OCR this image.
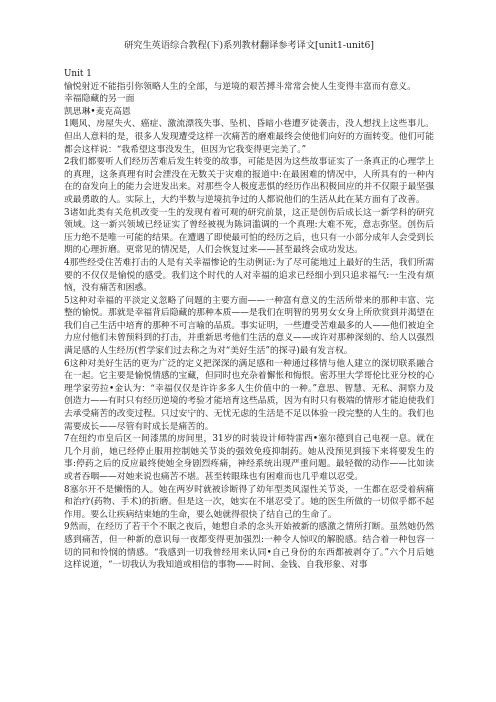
研究生英语综合教程(下)系列教材翻译参考译文[unit1-unit6]
Unit 1
愉悦射近不能指引你领略人生的全部，与逆境的艰苦搏斗常常会使人生变得丰富而有意义。
幸福隐藏的另一面
凯思琳•麦克高恩

1飓风、房屋失火、癌症、激流漂筏失事、坠机、昏暗小巷遭歹徒袭击，没人想找上这些事儿。但出人意料的是，很多人发现遭受这样一次痛苦的磨难最终会使他们向好的方面转变。他们可能都会这样说：“我希望这事没发生，但因为它我变得更完美了。”

2我们都要听人们经历苦难后发生转变的故事，可能是因为这些故事证实了一条真正的心理学上的真理，这条真理有时会湮没在无数关于灾难的报道中:在最困难的情况中，人所具有的一种内在的奋发向上的能力会迸发出来。对那些令人极度悲惧的经历作出积极回应的并不仅限于最坚强或最勇敢的人。实际上，大约半数与逆境抗争过的人都说他们的生活从此在某方面有了改善。

3诸如此类有关危机改变一生的发现有着可观的研究前景，这正是创伤后成长这一新学科的研究领域。这一新兴领域已经证实了曾经被视为陈词滥调的一个真理:大难不死，意志弥坚。创伤后压力绝不是唯一可能的结果。在遭遇了即使最可怕的经历之后，也只有一小部分成年人会受到长期的心理折磨。更常见的情况是，人们会恢复过来——甚至最终会成功发达。

4那些经受住苦难打击的人是有关幸福惨论的生动例证:为了尽可能地过上最好的生活，我们所需要的不仅仅是愉悦的感受。我们这个时代的人对幸福的追求已经细小到只追求福气:一生没有烦恼，没有痛苦和困惑。

5这种对幸福的平淡定义忽略了问题的主要方面——一种富有意义的生活所带来的那种丰富、完整的愉悦。那就是幸福背后隐藏的那种本质——是我们在明智的男男女女身上所欣赏到并渴望在我们自己生活中培育的那种不可言喻的品质。事实证明，一些遭受苦难最多的人——他们被迫全力应付他们未曾预料到的打击，并重新思考他们生活的意义——或许对那种深刻的、给人以强烈满足感的人生经历(哲学家们过去称之为对“美好生活”的探寻)最有发言权。

6这种对美好生活的更为广泛的定义把深深的满足感和一种通过移情与他人建立的深切联系融合在一起。它主要是愉悦情感的宝藏，但同时也充杂着懈怅和悔恨。密苏里大学哥伦比亚分校的心理学家劳拉•金认为：“幸福仅仅是许许多多人生价值中的一种。”意思、智慧、无私、洞察力及创造力——有时只有经历逆境的考验才能培育这些品质，因为有时只有极端的情形才能迫使我们去承受痛苦的改变过程。只过安宁的、无忧无虑的生活是不足以体验一段完整的人生的。我们也需要成长——尽管有时成长是痛苦的。

7在纽约市皇后区一间漆黑的房间里，31岁的时装设计师特雷西•塞尔德到自己电视一息。就在几个月前，她已经停止服用控制她关节炎的强效免疫抑制药。她从没预见到接下来将要发生的事:停药之后的反应最终使她全身剧烈疼痛，神经系统出现严重问题。最轻微的动作——比如读或者吞咽——对她来说也痛苦不堪。甚至转眼珠也有困难而也几乎难以忍受。

8塞尔开不是懒惰的人。她在两岁时就被诊断得了幼年型类风湿性关节炎，一生都在忍受着病痛和治疗(药物、手术)的折磨。但是这一次，她实在不堪忍受了。她的医生所做的一切似乎都不起作用。要么让疾病结束她的生命，要么她就得很快了结自己的生命了。

9然而，在经历了若干个不眠之夜后，她想自杀的念头开始被新的感激之情所打断。虽然她仍然感到痛苦，但一种新的意识每一夜都变得更加强烈:一种令人惊叹的解脱感。结合着一种包容一切的同和怜悯的情感。“我感到一切我曾经用来认同•自己身份的东西都被剥夺了。”六个月后她这样说道，“一切我认为我知道或相信的事物——时间、金钱、自我形象、对事
